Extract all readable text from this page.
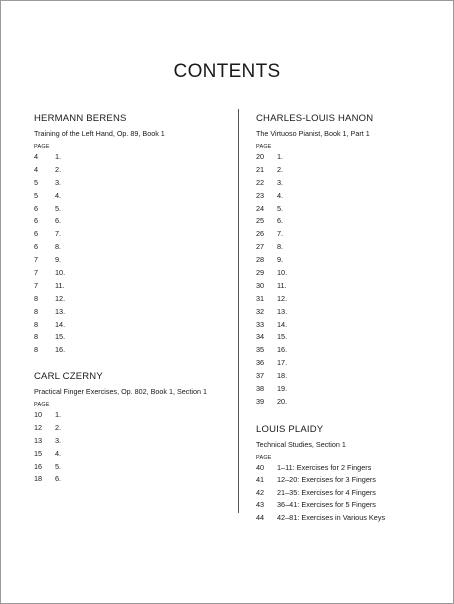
CONTENTS
HERMANN BERENS
Training of the Left Hand, Op. 89, Book 1
PAGE
4	1.
4	2.
5	3.
5	4.
6	5.
6	6.
6	7.
6	8.
7	9.
7	10.
7	11.
8	12.
8	13.
8	14.
8	15.
8	16.
CARL CZERNY
Practical Finger Exercises, Op. 802, Book 1, Section 1
PAGE
10	1.
12	2.
13	3.
15	4.
16	5.
18	6.
CHARLES-LOUIS HANON
The Virtuoso Pianist, Book 1, Part 1
PAGE
20	1.
21	2.
22	3.
23	4.
24	5.
25	6.
26	7.
27	8.
28	9.
29	10.
30	11.
31	12.
32	13.
33	14.
34	15.
35	16.
36	17.
37	18.
38	19.
39	20.
LOUIS PLAIDY
Technical Studies, Section 1
PAGE
40	1–11: Exercises for 2 Fingers
41	12–20: Exercises for 3 Fingers
42	21–35: Exercises for 4 Fingers
43	36–41: Exercises for 5 Fingers
44	42–81: Exercises in Various Keys
